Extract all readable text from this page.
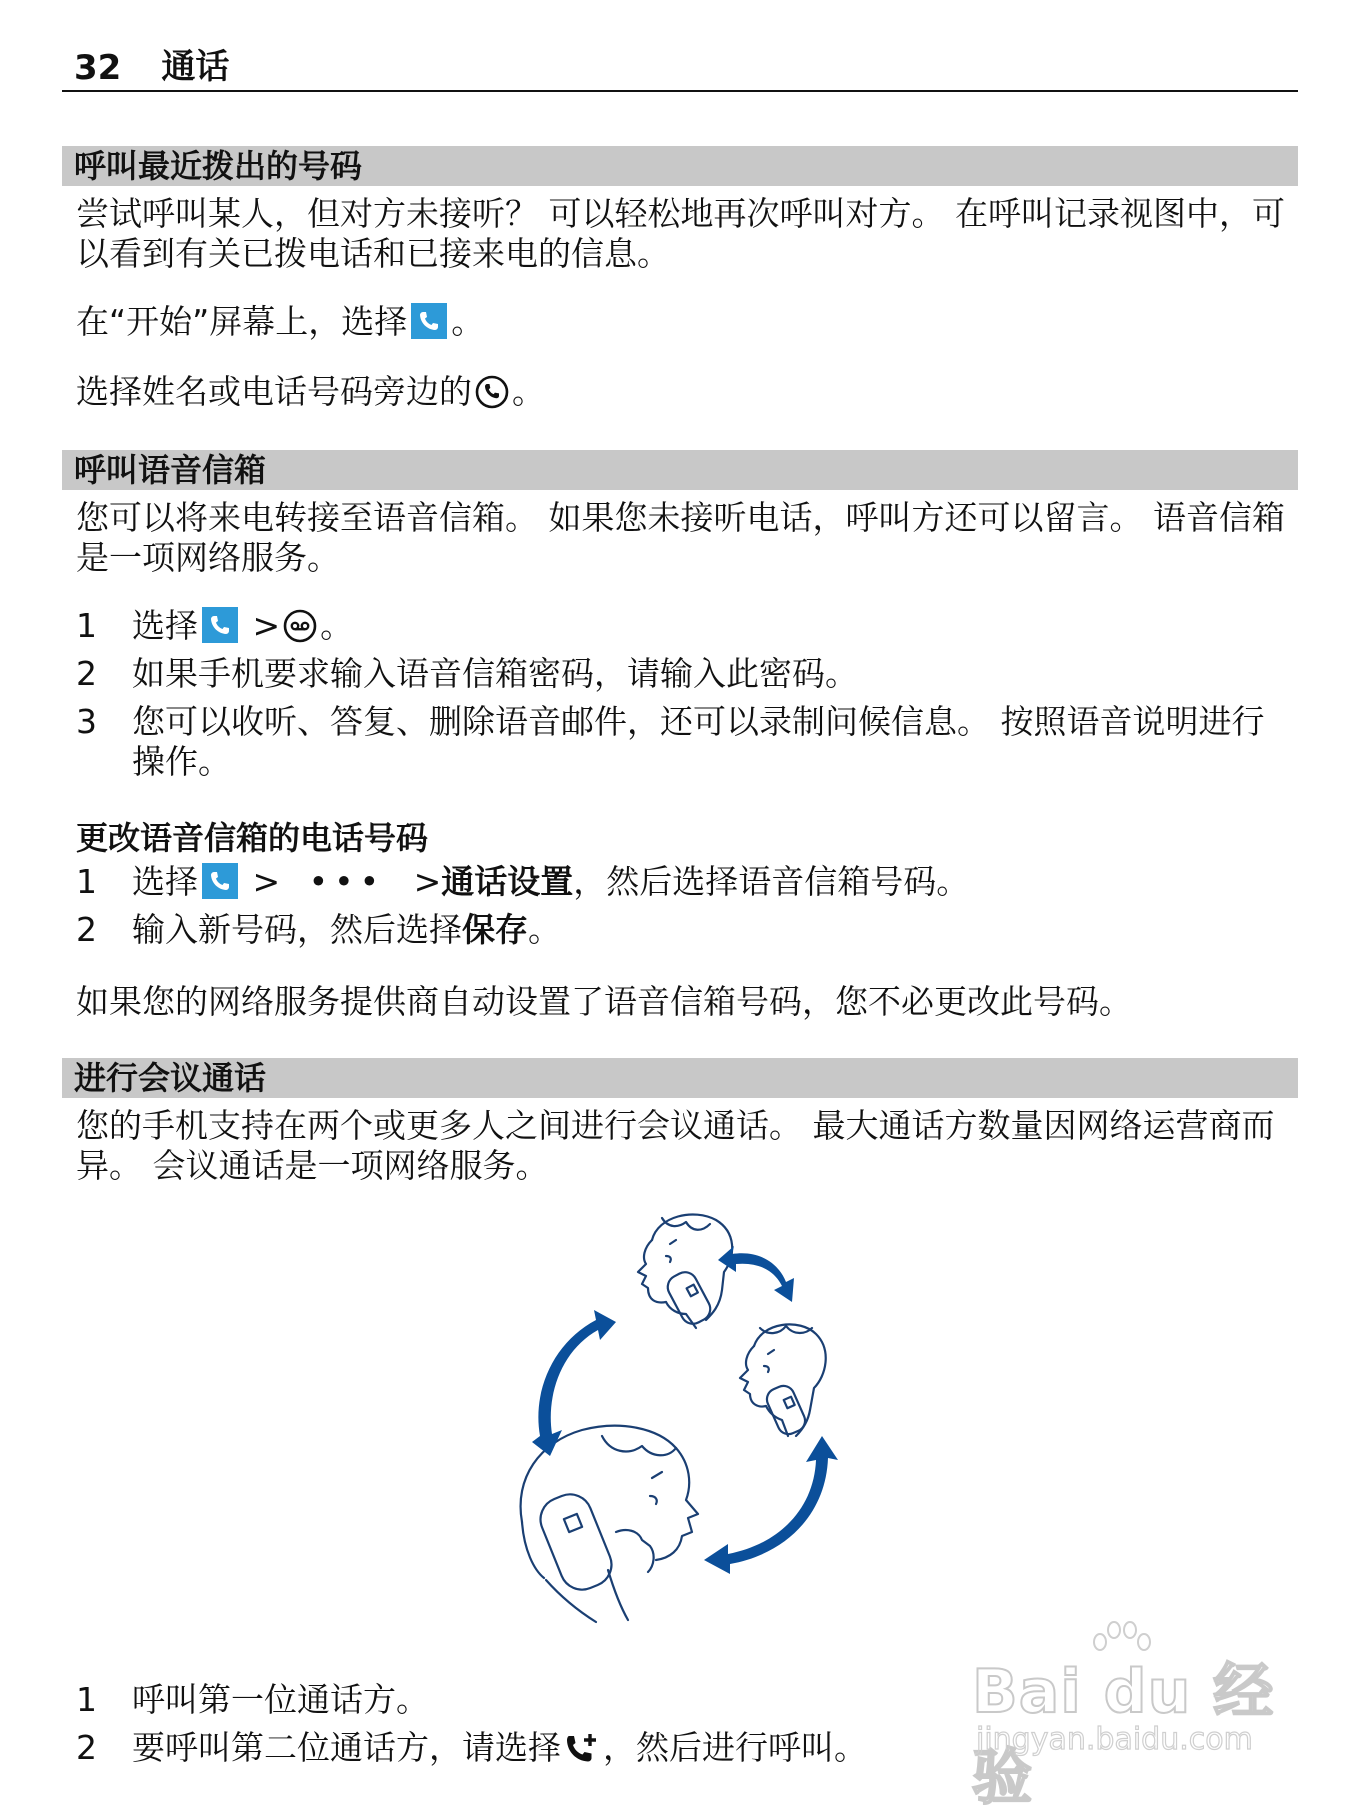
32 通话
呼叫最近拨出的号码

尝试呼叫某人，但对方未接听？ 可以轻松地再次呼叫对方。 在呼叫记录视图中，可以看到有关已拨电话和已接来电的信息。

在“开始”屏幕上，选择 。

选择姓名或电话号码旁边的 。

呼叫语音信箱

您可以将来电转接至语音信箱。 如果您未接听电话，呼叫方还可以留言。 语音信箱是一项网络服务。

1 选择 > 。
2 如果手机要求输入语音信箱密码，请输入此密码。
3 您可以收听、答复、删除语音邮件，还可以录制问候信息。 按照语音说明进行操作。
更改语音信箱的电话号码
1 选择 > ••• >通话设置，然后选择语音信箱号码。
2 输入新号码，然后选择保存。

如果您的网络服务提供商自动设置了语音信箱号码，您不必更改此号码。

进行会议通话

您的手机支持在两个或更多人之间进行会议通话。 最大通话方数量因网络运营商而异。 会议通话是一项网络服务。

1 呼叫第一位通话方。
2 要呼叫第二位通话方，请选择 ，然后进行呼叫。
Bai du 经验
jingyan.baidu.com
